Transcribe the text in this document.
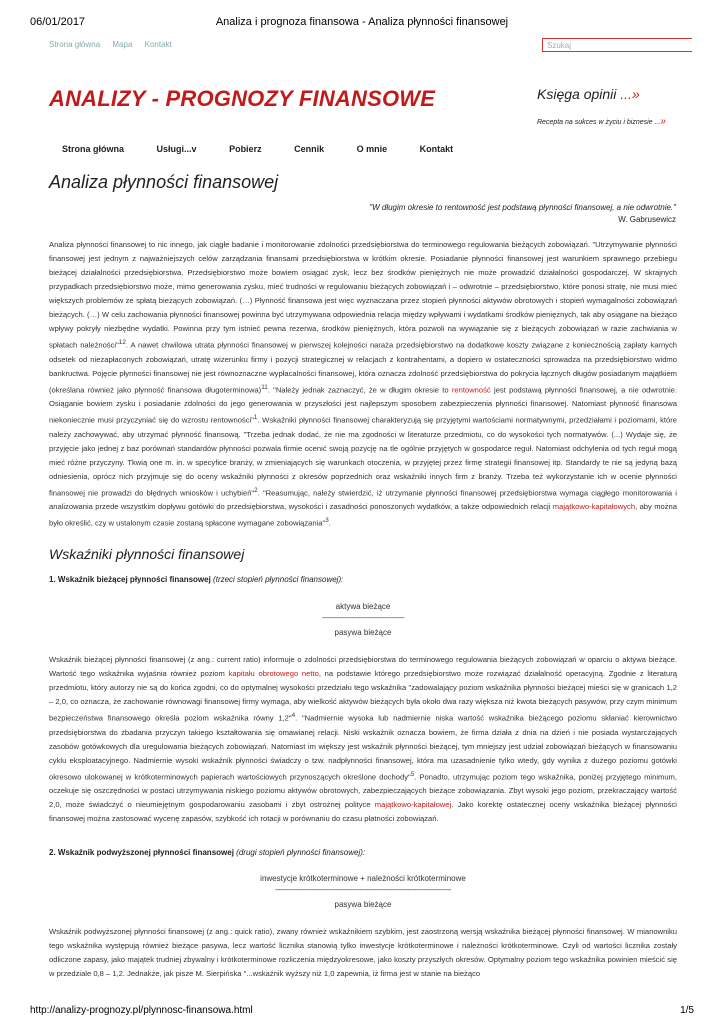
06/01/2017	Analiza i prognoza finansowa - Analiza płynności finansowej
Strona główna Mapa Kontakt	Szukaj
ANALIZY - PROGNOZY FINANSOWE	Księga opinii ...»
Recepta na sukces w życiu i biznesie ...»
Strona główna	Usługi...v	Pobierz	Cennik	O mnie	Kontakt
Analiza płynności finansowej
"W długim okresie to rentowność jest podstawą płynności finansowej, a nie odwrotnie."
W. Gabrusewicz
Analiza płynności finansowej to nic innego, jak ciągłe badanie i monitorowanie zdolności przedsiębiorstwa do terminowego regulowania bieżących zobowiązań. "Utrzymywanie płynności finansowej jest jednym z najważniejszych celów zarządzania finansami przedsiębiorstwa w krótkim okresie. Posiadanie płynności finansowej jest warunkiem sprawnego przebiegu bieżącej działalności przedsiębiorstwa. Przedsiębiorstwo może bowiem osiągać zysk, lecz bez środków pieniężnych nie może prowadzić działalności gospodarczej. W skrajnych przypadkach przedsiębiorstwo może, mimo generowania zysku, mieć trudności w regulowaniu bieżących zobowiązań i – odwrotnie – przedsiębiorstwo, które ponosi stratę, nie musi mieć większych problemów ze spłatą bieżących zobowiązań. (…) Płynność finansowa jest więc wyznaczana przez stopień płynności aktywów obrotowych i stopień wymagalności zobowiązań bieżących. (…) W celu zachowania płynności finansowej powinna być utrzymywana odpowiednia relacja między wpływami i wydatkami środków pieniężnych, tak aby osiągane na bieżąco wpływy pokryły niezbędne wydatki. Powinna przy tym istnieć pewna rezerwa, środków pieniężnych, która pozwoli na wywiązanie się z bieżących zobowiązań w razie zachwiania w spłatach należności"$^{12}$. A nawet chwilowa utrata płynności finansowej w pierwszej kolejności naraża przedsiębiorstwo na dodatkowe koszty związane z koniecznością zapłaty karnych odsetek od niezapłaconych zobowiązań, utratę wizerunku firmy i pozycji strategicznej w relacjach z kontrahentami, a dopiero w ostateczności sprowadza na przedsiębiorstwo widmo bankructwa. Pojęcie płynności finansowej nie jest równoznaczne wypłacalności finansowej, która oznacza zdolność przedsiębiorstwa do pokrycia łącznych długów posiadanym majątkiem (określana również jako płynność finansowa długoterminowa)$^{11}$. "Należy jednak zaznaczyć, że w długim okresie to rentowność jest podstawą płynności finansowej, a nie odwrotnie. Osiąganie bowiem zysku i posiadanie zdolności do jego generowania w przyszłości jest najlepszym sposobem zabezpieczenia płynności finansowej. Natomiast płynność finansowa niekoniecznie musi przyczyniać się do wzrostu rentowności"$^1$. Wskaźniki płynności finansowej charakteryzują się przyjętymi wartościami normatywnymi, przedziałami i poziomami, które należy zachowywać, aby utrzymać płynność finansową. "Trzeba jednak dodać, że nie ma zgodności w literaturze przedmiotu, co do wysokości tych normatywów. (...) Wydaje się, że przyjęcie jako jednej z baz porównań standardów płynności pozwala firmie ocenić swoją pozycję na tle ogólnie przyjętych w gospodarce reguł. Natomiast odchylenia od tych reguł mogą mieć różne przyczyny. Tkwią one m. in. w specyfice branży, w zmieniających się warunkach otoczenia, w przyjętej przez firmę strategii finansowej itp. Standardy te nie są jedyną bazą odniesienia, oprócz nich przyjmuje się do oceny wskaźniki płynności z okresów poprzednich oraz wskaźniki innych firm z branży. Trzeba też wykorzystanie ich w ocenie płynności finansowej nie prowadzi do błędnych wniosków i uchybień"$^2$. "Reasumując, należy stwierdzić, iż utrzymanie płynności finansowej przedsiębiorstwa wymaga ciągłego monitorowania i analizowania przede wszystkim dopływu gotówki do przedsiębiorstwa, wysokości i zasadności ponoszonych wydatków, a także odpowiednich relacji majątkowo-kapitałowych, aby można było określić, czy w ustalonym czasie zostaną spłacone wymagane zobowiązania"$^3$.
Wskaźniki płynności finansowej
1. Wskaźnik bieżącej płynności finansowej (trzeci stopień płynności finansowej):
aktywa bieżące
---------------------------------------------
pasywa bieżące
Wskaźnik bieżącej płynności finansowej (z ang.: current ratio) informuje o zdolności przedsiębiorstwa do terminowego regulowania bieżących zobowiązań w oparciu o aktywa bieżące. Wartość tego wskaźnika wyjaśnia również poziom kapitału obrotowego netto, na podstawie którego przedsiębiorstwo może rozwiązać działalność operacyjną. Zgodnie z literaturą przedmiotu, który autorzy nie są do końca zgodni, co do optymalnej wysokości przedziału tego wskaźnika "zadowalający poziom wskaźnika płynności bieżącej mieści się w granicach 1,2 – 2,0, co oznacza, że zachowanie równowagi finansowej firmy wymaga, aby wielkość aktywów bieżących była około dwa razy większa niż kwota bieżących pasywów, przy czym minimum bezpieczeństwa finansowego określa poziom wskaźnika równy 1,2"$^4$. "Nadmiernie wysoka lub nadmiernie niska wartość wskaźnika bieżącego poziomu skłaniać kierownictwo przedsiębiorstwa do zbadania przyczyn takiego kształtowania się omawianej relacji. Niski wskaźnik oznacza bowiem, że firma działa z dnia na dzień i nie posiada wystarczających zasobów gotówkowych dla uregulowania bieżących zobowiązań. Natomiast im większy jest wskaźnik płynności bieżącej, tym mniejszy jest udział zobowiązań bieżących w finansowaniu cyklu eksploatacyjnego. Nadmiernie wysoki wskaźnik płynności świadczy o tzw. nadpłynności finansowej, która ma uzasadnienie tylko wtedy, gdy wynika z dużego poziomu gotówki okresowo ulokowanej w krótkoterminowych papierach wartościowych przynoszących określone dochody"$^5$. Ponadto, utrzymując poziom tego wskaźnika, poniżej przyjętego minimum, oczekuje się oszczędności w postaci utrzymywania niskiego poziomu aktywów obrotowych, zabezpieczających bieżące zobowiązania. Zbyt wysoki jego poziom, przekraczający wartość 2,0, może świadczyć o nieumiejętnym gospodarowaniu zasobami i zbyt ostrożnej polityce majątkowo-kapitałowej. Jako korektę ostatecznej oceny wskaźnika bieżącej płynności finansowej można zastosować wycenę zapasów, szybkość ich rotacji w porównaniu do czasu płatności zobowiązań.
2. Wskaźnik podwyższonej płynności finansowej (drugi stopień płynności finansowej):
inwestycje krótkoterminowe + należności krótkoterminowe
------------------------------------------------------------------------------------------------
pasywa bieżące
Wskaźnik podwyższonej płynności finansowej (z ang.: quick ratio), zwany również wskaźnikiem szybkim, jest zaostrzoną wersją wskaźnika bieżącej płynności finansowej. W mianowniku tego wskaźnika występują również bieżące pasywa, lecz wartość licznika stanowią tylko inwestycje krótkoterminowe i należności krótkoterminowe. Czyli od wartości licznika zostały odliczone zapasy, jako majątek trudniej zbywalny i krótkoterminowe rozliczenia międzyokresowe, jako koszty przyszłych okresów. Optymalny poziom tego wskaźnika powinien mieścić się w przedziale 0,8 – 1,2. Jednakże, jak pisze M. Sierpińska "...wskaźnik wyższy niż 1,0 zapewnia, iż firma jest w stanie na bieżąco
http://analizy-prognozy.pl/plynnosc-finansowa.html	1/5
